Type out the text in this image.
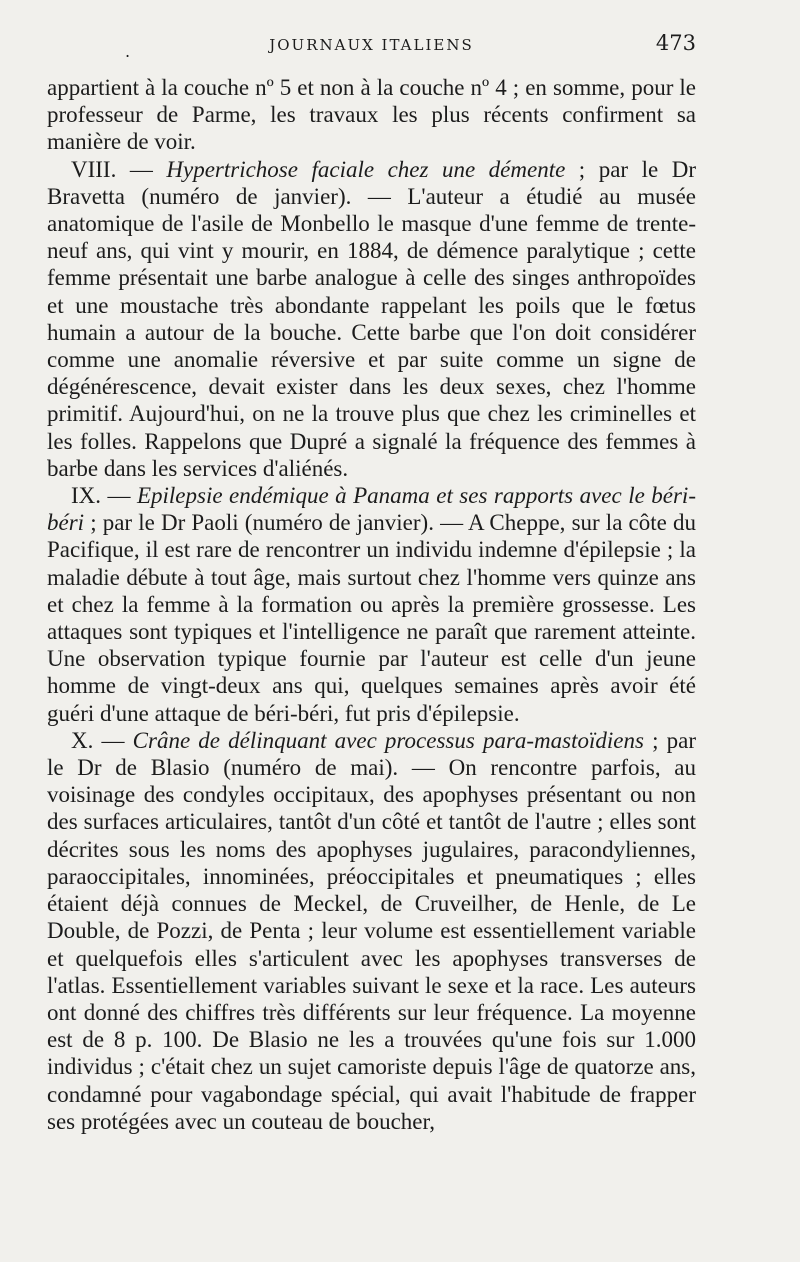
.	JOURNAUX ITALIENS	473

appartient à la couche nº 5 et non à la couche nº 4 ; en somme, pour le professeur de Parme, les travaux les plus récents confirment sa manière de voir.

VIII. — Hypertrichose faciale chez une démente ; par le Dr Bravetta (numéro de janvier). — L'auteur a étudié au musée anatomique de l'asile de Monbello le masque d'une femme de trente-neuf ans, qui vint y mourir, en 1884, de démence paralytique ; cette femme présentait une barbe analogue à celle des singes anthropoïdes et une moustache très abondante rappelant les poils que le fœtus humain a autour de la bouche. Cette barbe que l'on doit considérer comme une anomalie réversive et par suite comme un signe de dégénérescence, devait exister dans les deux sexes, chez l'homme primitif. Aujourd'hui, on ne la trouve plus que chez les criminelles et les folles. Rappelons que Dupré a signalé la fréquence des femmes à barbe dans les services d'aliénés.

IX. — Epilepsie endémique à Panama et ses rapports avec le béri-béri ; par le Dr Paoli (numéro de janvier). — A Cheppe, sur la côte du Pacifique, il est rare de rencontrer un individu indemne d'épilepsie ; la maladie débute à tout âge, mais surtout chez l'homme vers quinze ans et chez la femme à la formation ou après la première grossesse. Les attaques sont typiques et l'intelligence ne paraît que rarement atteinte. Une observation typique fournie par l'auteur est celle d'un jeune homme de vingt-deux ans qui, quelques semaines après avoir été guéri d'une attaque de béri-béri, fut pris d'épilepsie.

X. — Crâne de délinquant avec processus para-mastoïdiens ; par le Dr de Blasio (numéro de mai). — On rencontre parfois, au voisinage des condyles occipitaux, des apophyses présentant ou non des surfaces articulaires, tantôt d'un côté et tantôt de l'autre ; elles sont décrites sous les noms des apophyses jugulaires, paracondyliennes, paraoccipitales, innominées, préoccipitales et pneumatiques ; elles étaient déjà connues de Meckel, de Cruveilher, de Henle, de Le Double, de Pozzi, de Penta ; leur volume est essentiellement variable et quelquefois elles s'articulent avec les apophyses transverses de l'atlas. Essentiellement variables suivant le sexe et la race. Les auteurs ont donné des chiffres très différents sur leur fréquence. La moyenne est de 8 p. 100. De Blasio ne les a trouvées qu'une fois sur 1.000 individus ; c'était chez un sujet camoriste depuis l'âge de quatorze ans, condamné pour vagabondage spécial, qui avait l'habitude de frapper ses protégées avec un couteau de boucher,
